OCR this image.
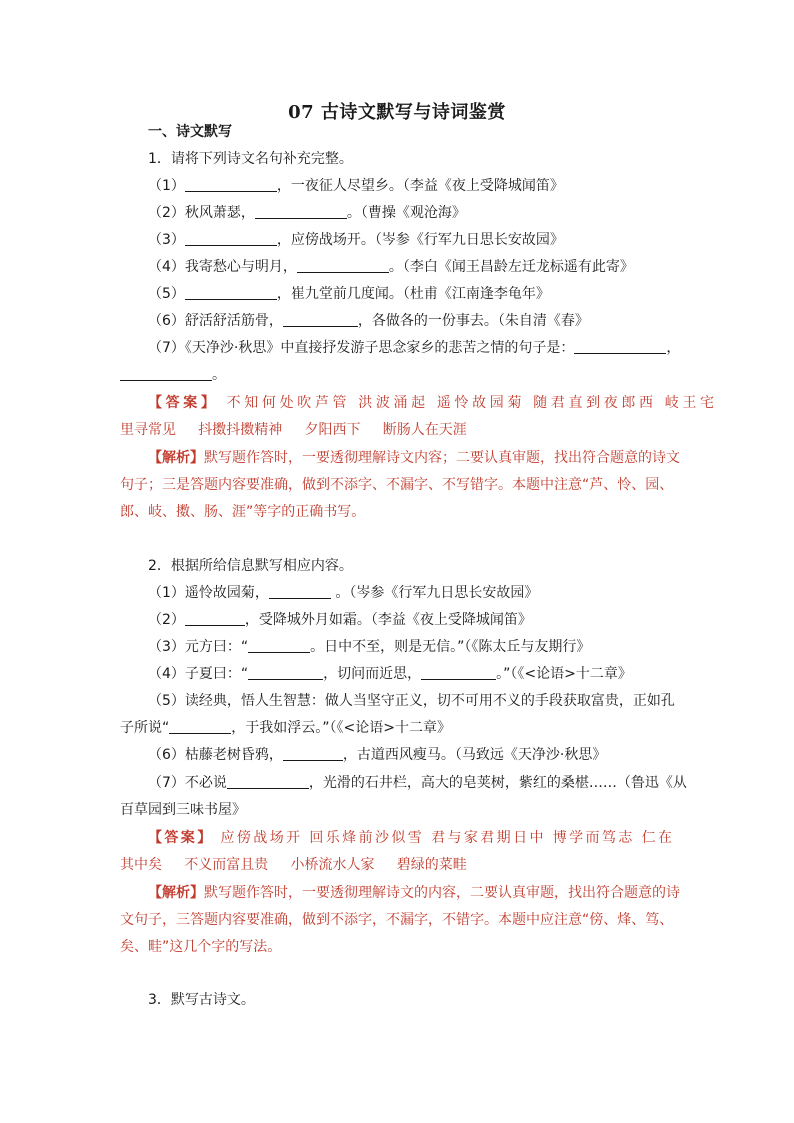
07 古诗文默写与诗词鉴赏
一、诗文默写
1．请将下列诗文名句补充完整。
（1）	，一夜征人尽望乡。（李益《夜上受降城闻笛》
（2）秋风萧瑟，	。（曹操《观沧海》
（3）	，应傍战场开。（岑参《行军九日思长安故园》
（4）我寄愁心与明月，	。（李白《闻王昌龄左迁龙标遥有此寄》
（5）	，崔九堂前几度闻。（杜甫《江南逢李龟年》
（6）舒活舒活筋骨，	，各做各的一份事去。（朱自清《春》
（7）《天净沙·秋思》中直接抒发游子思念家乡的悲苦之情的句子是：	，
。
【答案】 不知何处吹芦管 洪波涌起 遥怜故园菊 随君直到夜郎西 岐王宅
里寻常见 抖擞抖擞精神 夕阳西下 断肠人在天涯
【解析】默写题作答时，一要透彻理解诗文内容；二要认真审题，找出符合题意的诗文
句子；三是答题内容要准确，做到不添字、不漏字、不写错字。本题中注意“芦、怜、园、
郎、岐、擞、肠、涯”等字的正确书写。
2．根据所给信息默写相应内容。
（1）遥怜故园菊，	。（岑参《行军九日思长安故园》
（2）	，受降城外月如霜。（李益《夜上受降城闻笛》
（3）元方曰：“	。日中不至，则是无信。”（《陈太丘与友期行》
（4）子夏曰：“	，切问而近思，	。”（《<论语>十二章》
（5）读经典，悟人生智慧：做人当坚守正义，切不可用不义的手段获取富贵，正如孔
子所说“	，于我如浮云。”（《<论语>十二章》
（6）枯藤老树昏鸦，	，古道西风瘦马。（马致远《天净沙·秋思》
（7）不必说	，光滑的石井栏，高大的皂荚树，紫红的桑椹……（鲁迅《从
百草园到三味书屋》
【答案】 应傍战场开 回乐烽前沙似雪 君与家君期日中 博学而笃志 仁在
其中矣 不义而富且贵 小桥流水人家 碧绿的菜畦
【解析】默写题作答时，一要透彻理解诗文的内容，二要认真审题，找出符合题意的诗
文句子，三答题内容要准确，做到不添字，不漏字，不错字。本题中应注意“傍、烽、笃、
矣、畦”这几个字的写法。
3．默写古诗文。
